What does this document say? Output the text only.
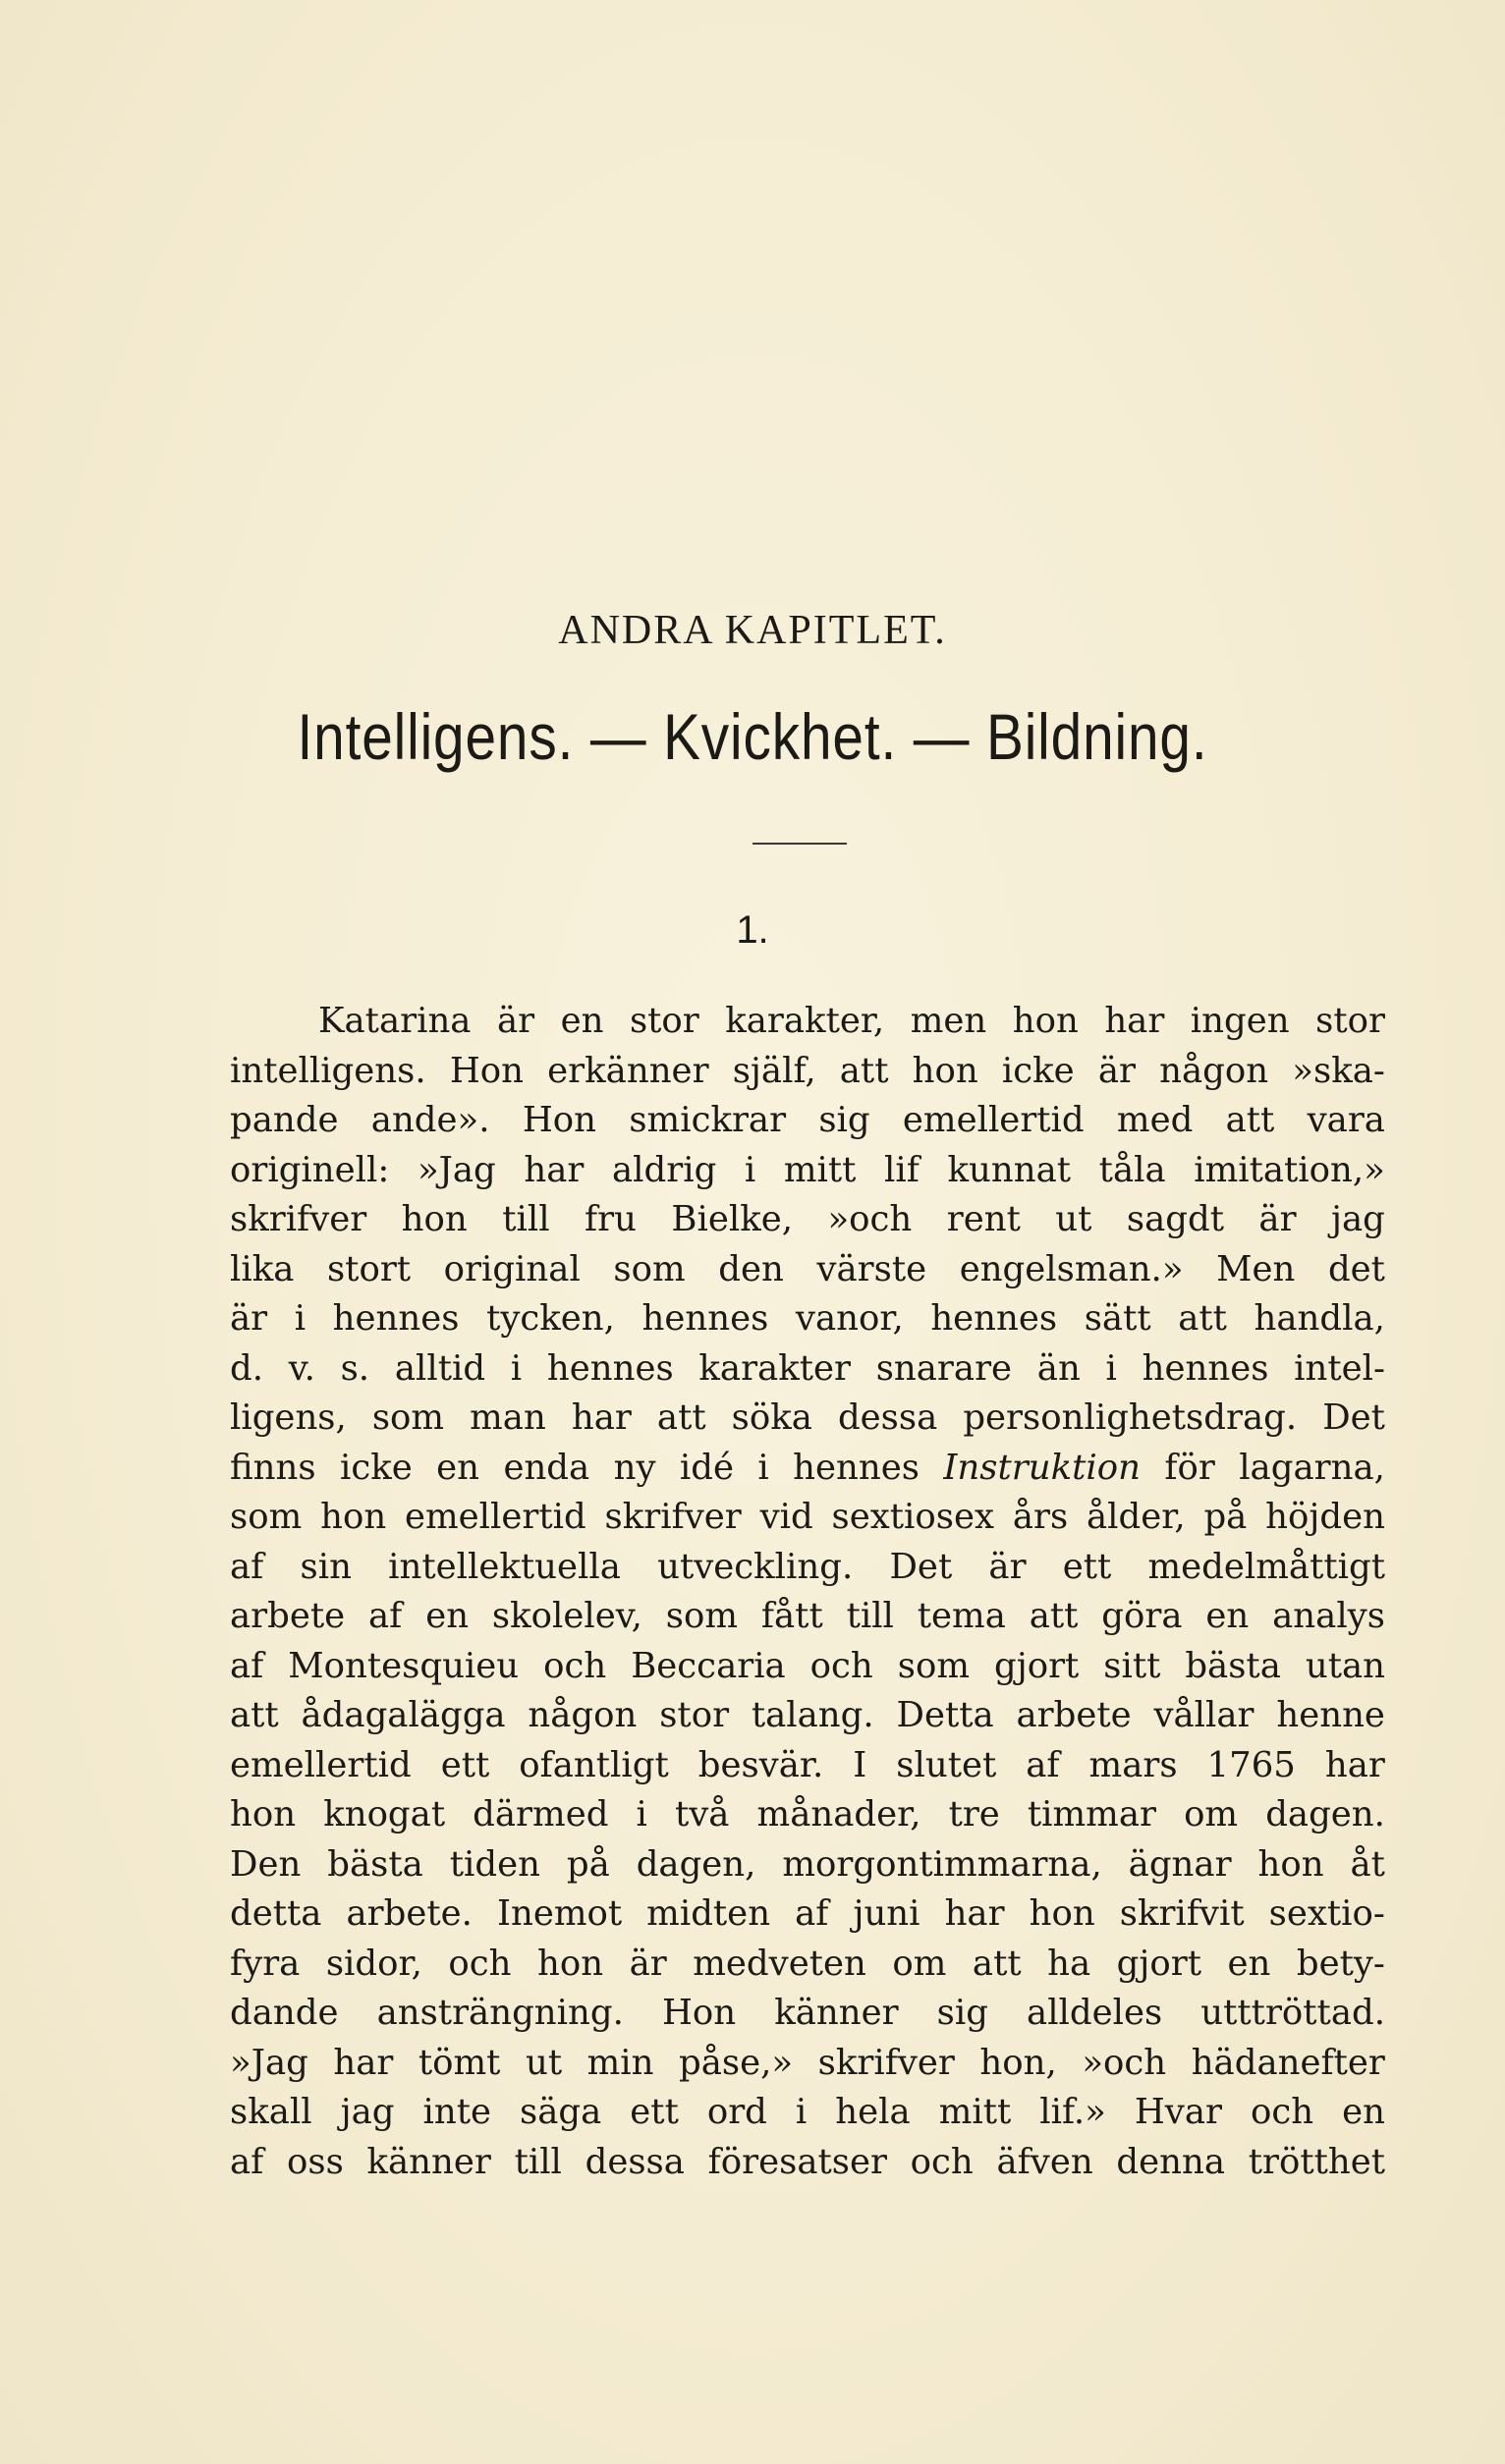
ANDRA KAPITLET.
Intelligens. — Kvickhet. — Bildning.
1.
Katarina är en stor karakter, men hon har ingen stor
intelligens. Hon erkänner själf, att hon icke är någon »ska-
pande ande». Hon smickrar sig emellertid med att vara
originell: »Jag har aldrig i mitt lif kunnat tåla imitation,»
skrifver hon till fru Bielke, »och rent ut sagdt är jag
lika stort original som den värste engelsman.» Men det
är i hennes tycken, hennes vanor, hennes sätt att handla,
d. v. s. alltid i hennes karakter snarare än i hennes intel-
ligens, som man har att söka dessa personlighetsdrag. Det
finns icke en enda ny idé i hennes Instruktion för lagarna,
som hon emellertid skrifver vid sextiosex års ålder, på höjden
af sin intellektuella utveckling. Det är ett medelmåttigt
arbete af en skolelev, som fått till tema att göra en analys
af Montesquieu och Beccaria och som gjort sitt bästa utan
att ådagalägga någon stor talang. Detta arbete vållar henne
emellertid ett ofantligt besvär. I slutet af mars 1765 har
hon knogat därmed i två månader, tre timmar om dagen.
Den bästa tiden på dagen, morgontimmarna, ägnar hon åt
detta arbete. Inemot midten af juni har hon skrifvit sextio-
fyra sidor, och hon är medveten om att ha gjort en bety-
dande ansträngning. Hon känner sig alldeles utttröttad.
»Jag har tömt ut min påse,» skrifver hon, »och hädanefter
skall jag inte säga ett ord i hela mitt lif.» Hvar och en
af oss känner till dessa föresatser och äfven denna trötthet
